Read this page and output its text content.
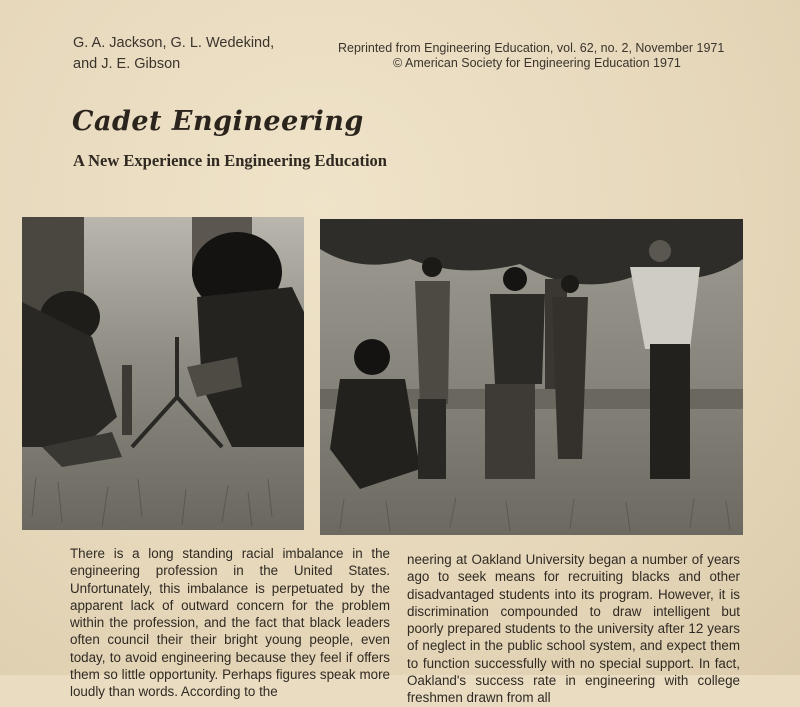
G. A. Jackson, G. L. Wedekind,
and J. E. Gibson
Reprinted from Engineering Education, vol. 62, no. 2, November 1971
© American Society for Engineering Education 1971
Cadet Engineering
A New Experience in Engineering Education

There is a long standing racial imbalance in the engineering profession in the United States. Unfortunately, this imbalance is perpetuated by the apparent lack of outward concern for the problem within the profession, and the fact that black leaders often council their their bright young people, even today, to avoid engineering because they feel if offers them so little opportunity. Perhaps figures speak more loudly than words. According to the

neering at Oakland University began a number of years ago to seek means for recruiting blacks and other disadvantaged students into its program. However, it is discrimination compounded to draw intelligent but poorly prepared students to the university after 12 years of neglect in the public school system, and expect them to function successfully with no special support. In fact, Oakland's success rate in engineering with college freshmen drawn from all
